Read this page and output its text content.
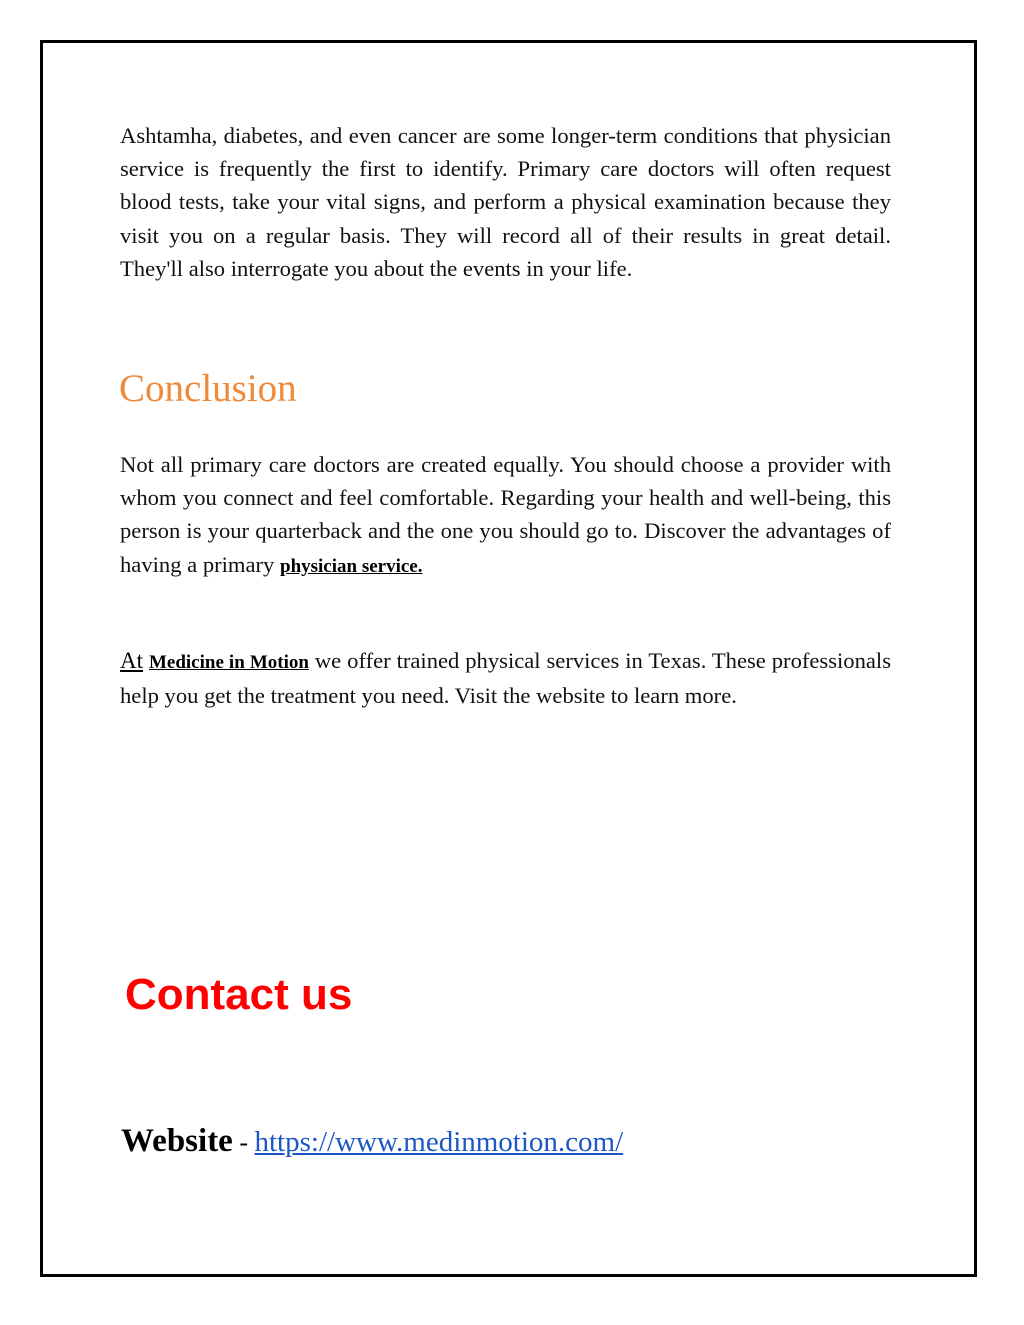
Ashtamha, diabetes, and even cancer are some longer-term conditions that physician service is frequently the first to identify. Primary care doctors will often request blood tests, take your vital signs, and perform a physical examination because they visit you on a regular basis. They will record all of their results in great detail. They'll also interrogate you about the events in your life.

Conclusion

Not all primary care doctors are created equally. You should choose a provider with whom you connect and feel comfortable. Regarding your health and well-being, this person is your quarterback and the one you should go to. Discover the advantages of having a primary physician service.

At Medicine in Motion we offer trained physical services in Texas. These professionals help you get the treatment you need. Visit the website to learn more.

Contact us

Website - https://www.medinmotion.com/
